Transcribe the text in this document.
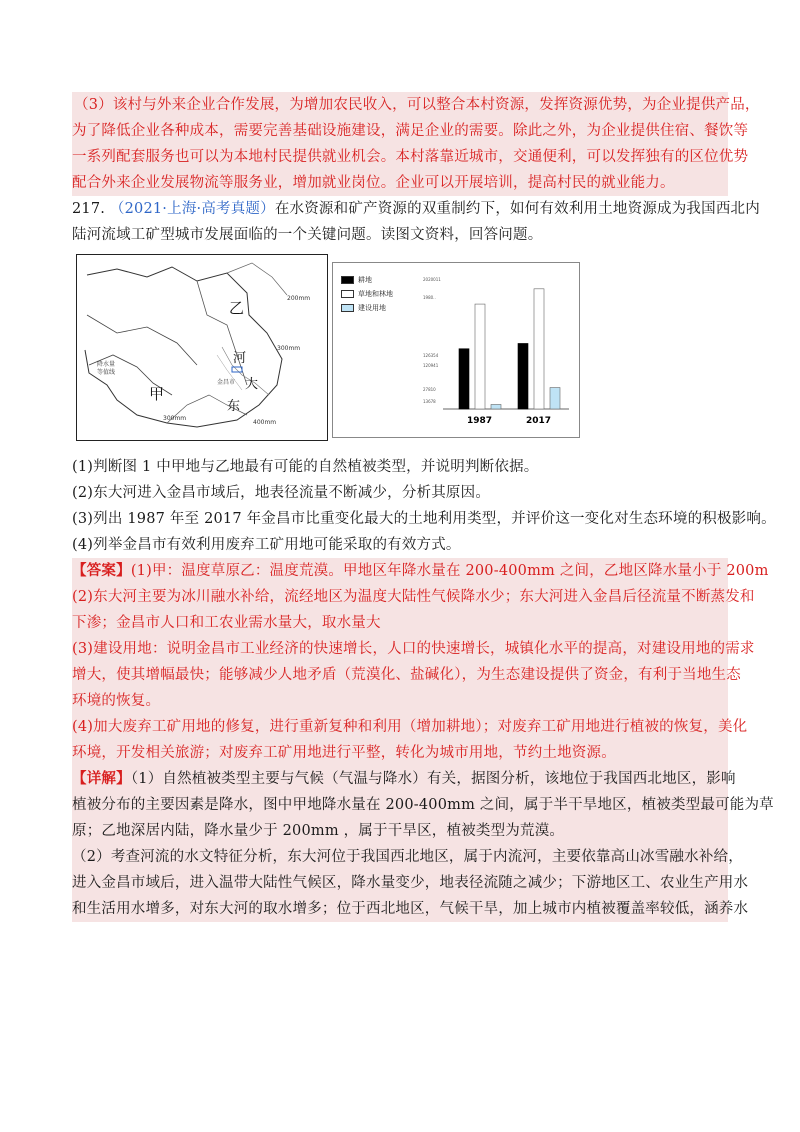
（3）该村与外来企业合作发展，为增加农民收入，可以整合本村资源，发挥资源优势，为企业提供产品，
为了降低企业各种成本，需要完善基础设施建设，满足企业的需要。除此之外，为企业提供住宿、餐饮等
一系列配套服务也可以为本地村民提供就业机会。本村落靠近城市，交通便利，可以发挥独有的区位优势
配合外来企业发展物流等服务业，增加就业岗位。企业可以开展培训，提高村民的就业能力。
217. （2021·上海·高考真题）在水资源和矿产资源的双重制约下，如何有效利用土地资源成为我国西北内
陆河流域工矿型城市发展面临的一个关键问题。读图文资料，回答问题。
乙
甲
河
大
东
200mm
300mm
300mm
400mm
金昌市
降水量
等值线
耕地
草地和林地
建设用地
2020011
1980..
126354
120941
27810
13678
1987	2017
(1)判断图 1 中甲地与乙地最有可能的自然植被类型，并说明判断依据。
(2)东大河进入金昌市域后，地表径流量不断减少，分析其原因。
(3)列出 1987 年至 2017 年金昌市比重变化最大的土地利用类型，并评价这一变化对生态环境的积极影响。
(4)列举金昌市有效利用废弃工矿用地可能采取的有效方式。
【答案】(1)甲：温度草原乙：温度荒漠。甲地区年降水量在 200-400mm 之间，乙地区降水量小于 200m
(2)东大河主要为冰川融水补给，流经地区为温度大陆性气候降水少；东大河进入金昌后径流量不断蒸发和
下渗；金昌市人口和工农业需水量大，取水量大
(3)建设用地：说明金昌市工业经济的快速增长，人口的快速增长，城镇化水平的提高，对建设用地的需求
增大，使其增幅最快；能够减少人地矛盾（荒漠化、盐碱化），为生态建设提供了资金，有利于当地生态
环境的恢复。
(4)加大废弃工矿用地的修复，进行重新复种和利用（增加耕地）；对废弃工矿用地进行植被的恢复，美化
环境，开发相关旅游；对废弃工矿用地进行平整，转化为城市用地，节约土地资源。
【详解】（1）自然植被类型主要与气候（气温与降水）有关，据图分析，该地位于我国西北地区，影响
植被分布的主要因素是降水，图中甲地降水量在 200-400mm 之间，属于半干旱地区，植被类型最可能为草
原；乙地深居内陆，降水量少于 200mm ，属于干旱区，植被类型为荒漠。
（2）考查河流的水文特征分析，东大河位于我国西北地区，属于内流河，主要依靠高山冰雪融水补给，
进入金昌市域后，进入温带大陆性气候区，降水量变少，地表径流随之减少；下游地区工、农业生产用水
和生活用水增多，对东大河的取水增多；位于西北地区，气候干旱，加上城市内植被覆盖率较低，涵养水
